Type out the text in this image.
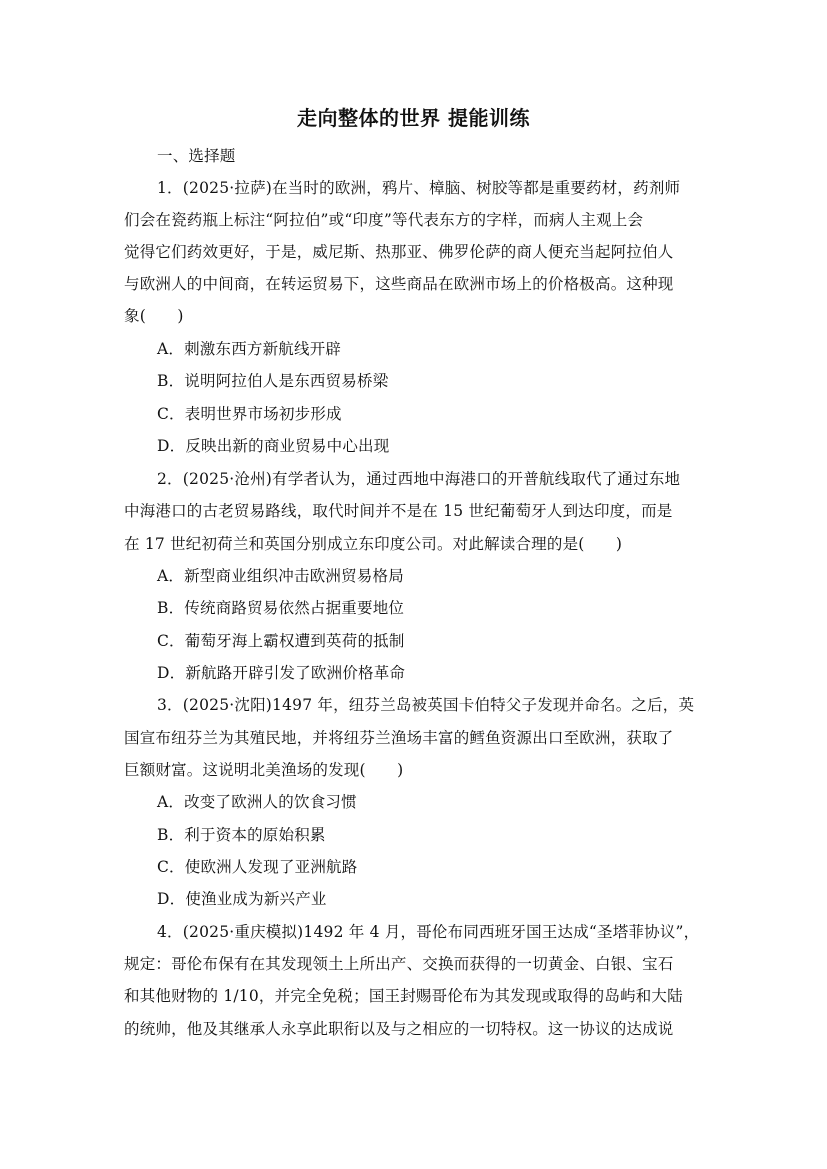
走向整体的世界 提能训练
一、选择题
1．(2025·拉萨)在当时的欧洲，鸦片、樟脑、树胶等都是重要药材，药剂师
们会在瓷药瓶上标注“阿拉伯”或“印度”等代表东方的字样，而病人主观上会
觉得它们药效更好，于是，威尼斯、热那亚、佛罗伦萨的商人便充当起阿拉伯人
与欧洲人的中间商，在转运贸易下，这些商品在欧洲市场上的价格极高。这种现
象(　　)
A．刺激东西方新航线开辟
B．说明阿拉伯人是东西贸易桥梁
C．表明世界市场初步形成
D．反映出新的商业贸易中心出现
2．(2025·沧州)有学者认为，通过西地中海港口的开普航线取代了通过东地
中海港口的古老贸易路线，取代时间并不是在 15 世纪葡萄牙人到达印度，而是
在 17 世纪初荷兰和英国分别成立东印度公司。对此解读合理的是(　　)
A．新型商业组织冲击欧洲贸易格局
B．传统商路贸易依然占据重要地位
C．葡萄牙海上霸权遭到英荷的抵制
D．新航路开辟引发了欧洲价格革命
3．(2025·沈阳)1497 年，纽芬兰岛被英国卡伯特父子发现并命名。之后，英
国宣布纽芬兰为其殖民地，并将纽芬兰渔场丰富的鳕鱼资源出口至欧洲，获取了
巨额财富。这说明北美渔场的发现(　　)
A．改变了欧洲人的饮食习惯
B．利于资本的原始积累
C．使欧洲人发现了亚洲航路
D．使渔业成为新兴产业
4．(2025·重庆模拟)1492 年 4 月，哥伦布同西班牙国王达成“圣塔菲协议”，
规定：哥伦布保有在其发现领土上所出产、交换而获得的一切黄金、白银、宝石
和其他财物的 1/10，并完全免税；国王封赐哥伦布为其发现或取得的岛屿和大陆
的统帅，他及其继承人永享此职衔以及与之相应的一切特权。这一协议的达成说
